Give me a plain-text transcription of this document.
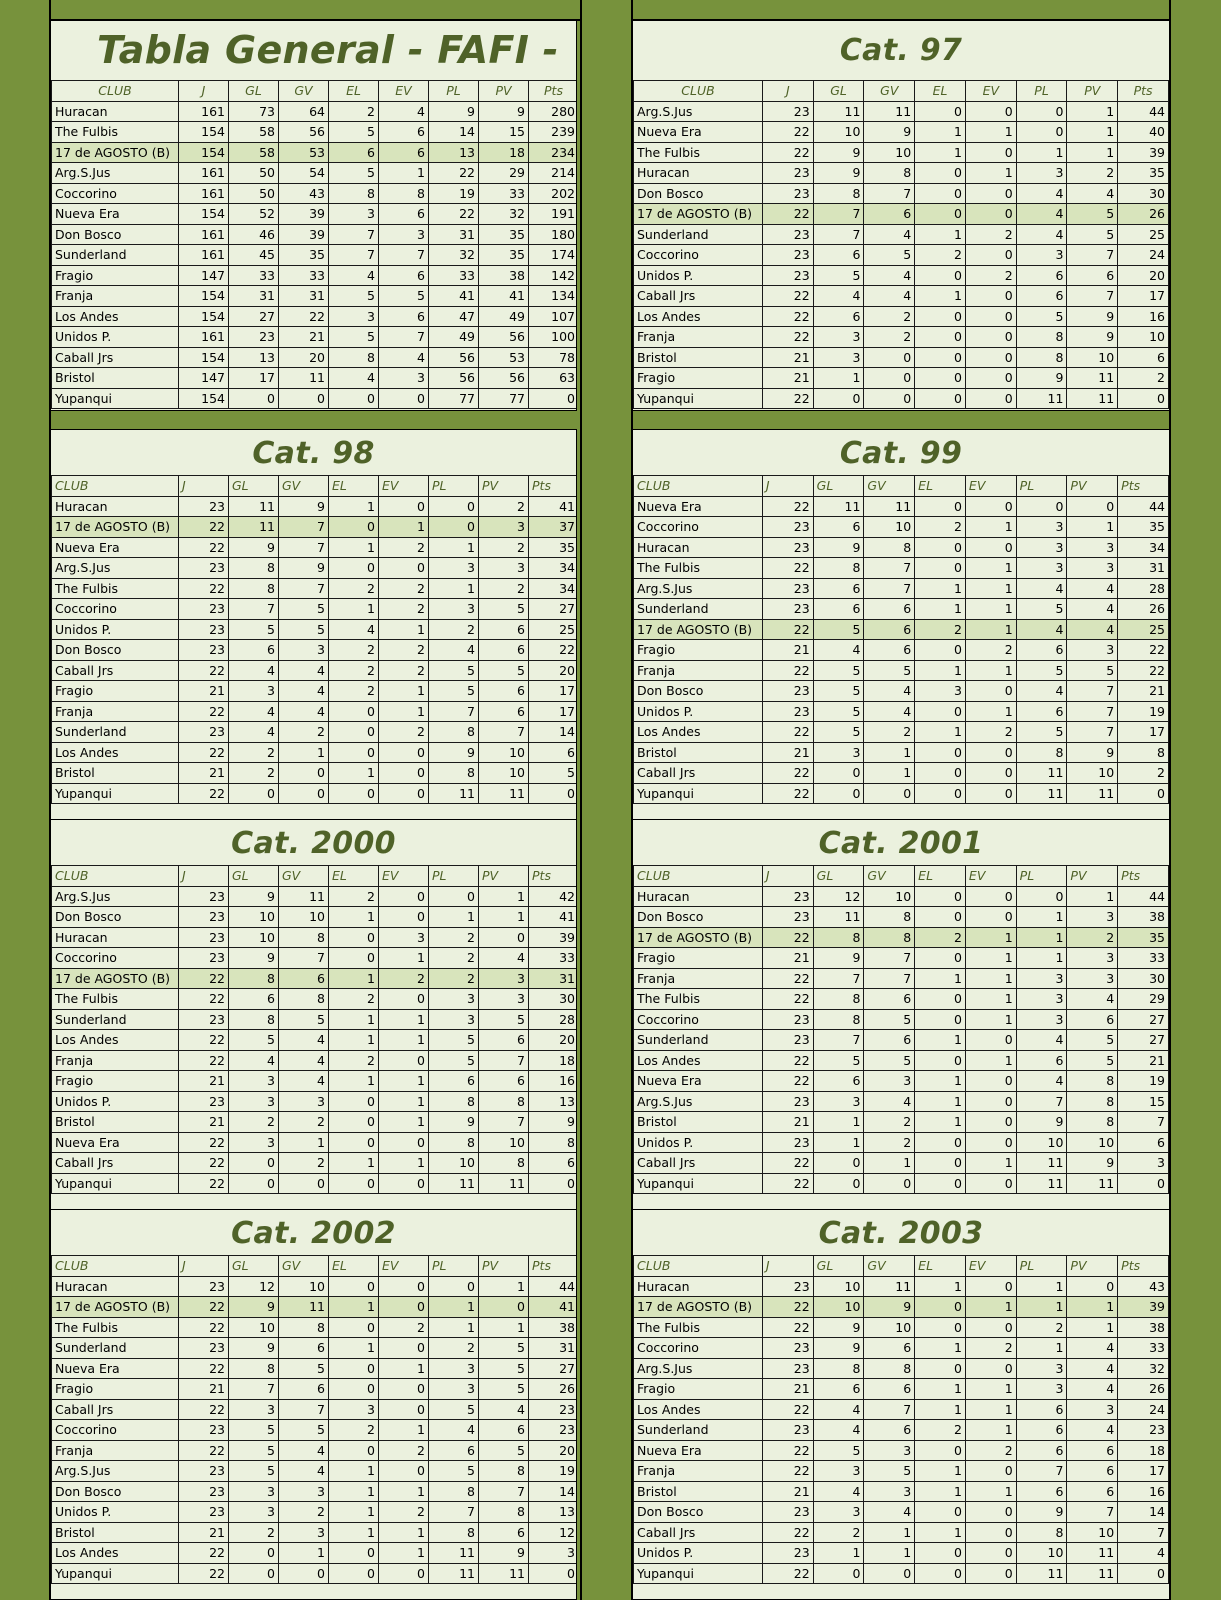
Tabla General - FAFI -
CLUB	J	GL	GV	EL	EV	PL	PV	Pts
Huracan	161	73	64	2	4	9	9	280
The Fulbis	154	58	56	5	6	14	15	239
17 de AGOSTO (B)	154	58	53	6	6	13	18	234
Arg.S.Jus	161	50	54	5	1	22	29	214
Coccorino	161	50	43	8	8	19	33	202
Nueva Era	154	52	39	3	6	22	32	191
Don Bosco	161	46	39	7	3	31	35	180
Sunderland	161	45	35	7	7	32	35	174
Fragio	147	33	33	4	6	33	38	142
Franja	154	31	31	5	5	41	41	134
Los Andes	154	27	22	3	6	47	49	107
Unidos P.	161	23	21	5	7	49	56	100
Caball Jrs	154	13	20	8	4	56	53	78
Bristol	147	17	11	4	3	56	56	63
Yupanqui	154	0	0	0	0	77	77	0
Cat. 97
CLUB	J	GL	GV	EL	EV	PL	PV	Pts
Arg.S.Jus	23	11	11	0	0	0	1	44
Nueva Era	22	10	9	1	1	0	1	40
The Fulbis	22	9	10	1	0	1	1	39
Huracan	23	9	8	0	1	3	2	35
Don Bosco	23	8	7	0	0	4	4	30
17 de AGOSTO (B)	22	7	6	0	0	4	5	26
Sunderland	23	7	4	1	2	4	5	25
Coccorino	23	6	5	2	0	3	7	24
Unidos P.	23	5	4	0	2	6	6	20
Caball Jrs	22	4	4	1	0	6	7	17
Los Andes	22	6	2	0	0	5	9	16
Franja	22	3	2	0	0	8	9	10
Bristol	21	3	0	0	0	8	10	6
Fragio	21	1	0	0	0	9	11	2
Yupanqui	22	0	0	0	0	11	11	0
Cat. 98
CLUB	J	GL	GV	EL	EV	PL	PV	Pts
Huracan	23	11	9	1	0	0	2	41
17 de AGOSTO (B)	22	11	7	0	1	0	3	37
Nueva Era	22	9	7	1	2	1	2	35
Arg.S.Jus	23	8	9	0	0	3	3	34
The Fulbis	22	8	7	2	2	1	2	34
Coccorino	23	7	5	1	2	3	5	27
Unidos P.	23	5	5	4	1	2	6	25
Don Bosco	23	6	3	2	2	4	6	22
Caball Jrs	22	4	4	2	2	5	5	20
Fragio	21	3	4	2	1	5	6	17
Franja	22	4	4	0	1	7	6	17
Sunderland	23	4	2	0	2	8	7	14
Los Andes	22	2	1	0	0	9	10	6
Bristol	21	2	0	1	0	8	10	5
Yupanqui	22	0	0	0	0	11	11	0
Cat. 99
CLUB	J	GL	GV	EL	EV	PL	PV	Pts
Nueva Era	22	11	11	0	0	0	0	44
Coccorino	23	6	10	2	1	3	1	35
Huracan	23	9	8	0	0	3	3	34
The Fulbis	22	8	7	0	1	3	3	31
Arg.S.Jus	23	6	7	1	1	4	4	28
Sunderland	23	6	6	1	1	5	4	26
17 de AGOSTO (B)	22	5	6	2	1	4	4	25
Fragio	21	4	6	0	2	6	3	22
Franja	22	5	5	1	1	5	5	22
Don Bosco	23	5	4	3	0	4	7	21
Unidos P.	23	5	4	0	1	6	7	19
Los Andes	22	5	2	1	2	5	7	17
Bristol	21	3	1	0	0	8	9	8
Caball Jrs	22	0	1	0	0	11	10	2
Yupanqui	22	0	0	0	0	11	11	0
Cat. 2000
CLUB	J	GL	GV	EL	EV	PL	PV	Pts
Arg.S.Jus	23	9	11	2	0	0	1	42
Don Bosco	23	10	10	1	0	1	1	41
Huracan	23	10	8	0	3	2	0	39
Coccorino	23	9	7	0	1	2	4	33
17 de AGOSTO (B)	22	8	6	1	2	2	3	31
The Fulbis	22	6	8	2	0	3	3	30
Sunderland	23	8	5	1	1	3	5	28
Los Andes	22	5	4	1	1	5	6	20
Franja	22	4	4	2	0	5	7	18
Fragio	21	3	4	1	1	6	6	16
Unidos P.	23	3	3	0	1	8	8	13
Bristol	21	2	2	0	1	9	7	9
Nueva Era	22	3	1	0	0	8	10	8
Caball Jrs	22	0	2	1	1	10	8	6
Yupanqui	22	0	0	0	0	11	11	0
Cat. 2001
CLUB	J	GL	GV	EL	EV	PL	PV	Pts
Huracan	23	12	10	0	0	0	1	44
Don Bosco	23	11	8	0	0	1	3	38
17 de AGOSTO (B)	22	8	8	2	1	1	2	35
Fragio	21	9	7	0	1	1	3	33
Franja	22	7	7	1	1	3	3	30
The Fulbis	22	8	6	0	1	3	4	29
Coccorino	23	8	5	0	1	3	6	27
Sunderland	23	7	6	1	0	4	5	27
Los Andes	22	5	5	0	1	6	5	21
Nueva Era	22	6	3	1	0	4	8	19
Arg.S.Jus	23	3	4	1	0	7	8	15
Bristol	21	1	2	1	0	9	8	7
Unidos P.	23	1	2	0	0	10	10	6
Caball Jrs	22	0	1	0	1	11	9	3
Yupanqui	22	0	0	0	0	11	11	0
Cat. 2002
CLUB	J	GL	GV	EL	EV	PL	PV	Pts
Huracan	23	12	10	0	0	0	1	44
17 de AGOSTO (B)	22	9	11	1	0	1	0	41
The Fulbis	22	10	8	0	2	1	1	38
Sunderland	23	9	6	1	0	2	5	31
Nueva Era	22	8	5	0	1	3	5	27
Fragio	21	7	6	0	0	3	5	26
Caball Jrs	22	3	7	3	0	5	4	23
Coccorino	23	5	5	2	1	4	6	23
Franja	22	5	4	0	2	6	5	20
Arg.S.Jus	23	5	4	1	0	5	8	19
Don Bosco	23	3	3	1	1	8	7	14
Unidos P.	23	3	2	1	2	7	8	13
Bristol	21	2	3	1	1	8	6	12
Los Andes	22	0	1	0	1	11	9	3
Yupanqui	22	0	0	0	0	11	11	0
Cat. 2003
CLUB	J	GL	GV	EL	EV	PL	PV	Pts
Huracan	23	10	11	1	0	1	0	43
17 de AGOSTO (B)	22	10	9	0	1	1	1	39
The Fulbis	22	9	10	0	0	2	1	38
Coccorino	23	9	6	1	2	1	4	33
Arg.S.Jus	23	8	8	0	0	3	4	32
Fragio	21	6	6	1	1	3	4	26
Los Andes	22	4	7	1	1	6	3	24
Sunderland	23	4	6	2	1	6	4	23
Nueva Era	22	5	3	0	2	6	6	18
Franja	22	3	5	1	0	7	6	17
Bristol	21	4	3	1	1	6	6	16
Don Bosco	23	3	4	0	0	9	7	14
Caball Jrs	22	2	1	1	0	8	10	7
Unidos P.	23	1	1	0	0	10	11	4
Yupanqui	22	0	0	0	0	11	11	0
